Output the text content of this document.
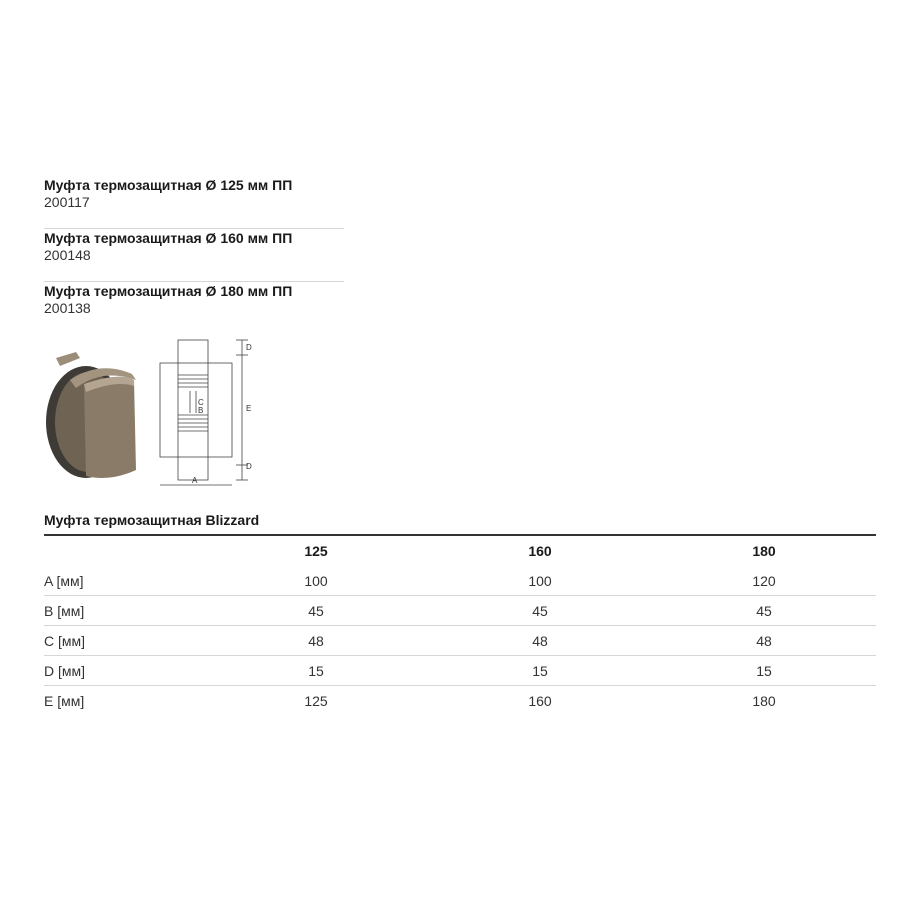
Муфта термозащитная Ø 125 мм ПП
200117
Муфта термозащитная Ø 160 мм ПП
200148
Муфта термозащитная Ø 180 мм ПП
200138
D
E
D
C
B
A
Муфта термозащитная Blizzard
	125	160	180
A [мм]	100	100	120
B [мм]	45	45	45
C [мм]	48	48	48
D [мм]	15	15	15
E [мм]	125	160	180
